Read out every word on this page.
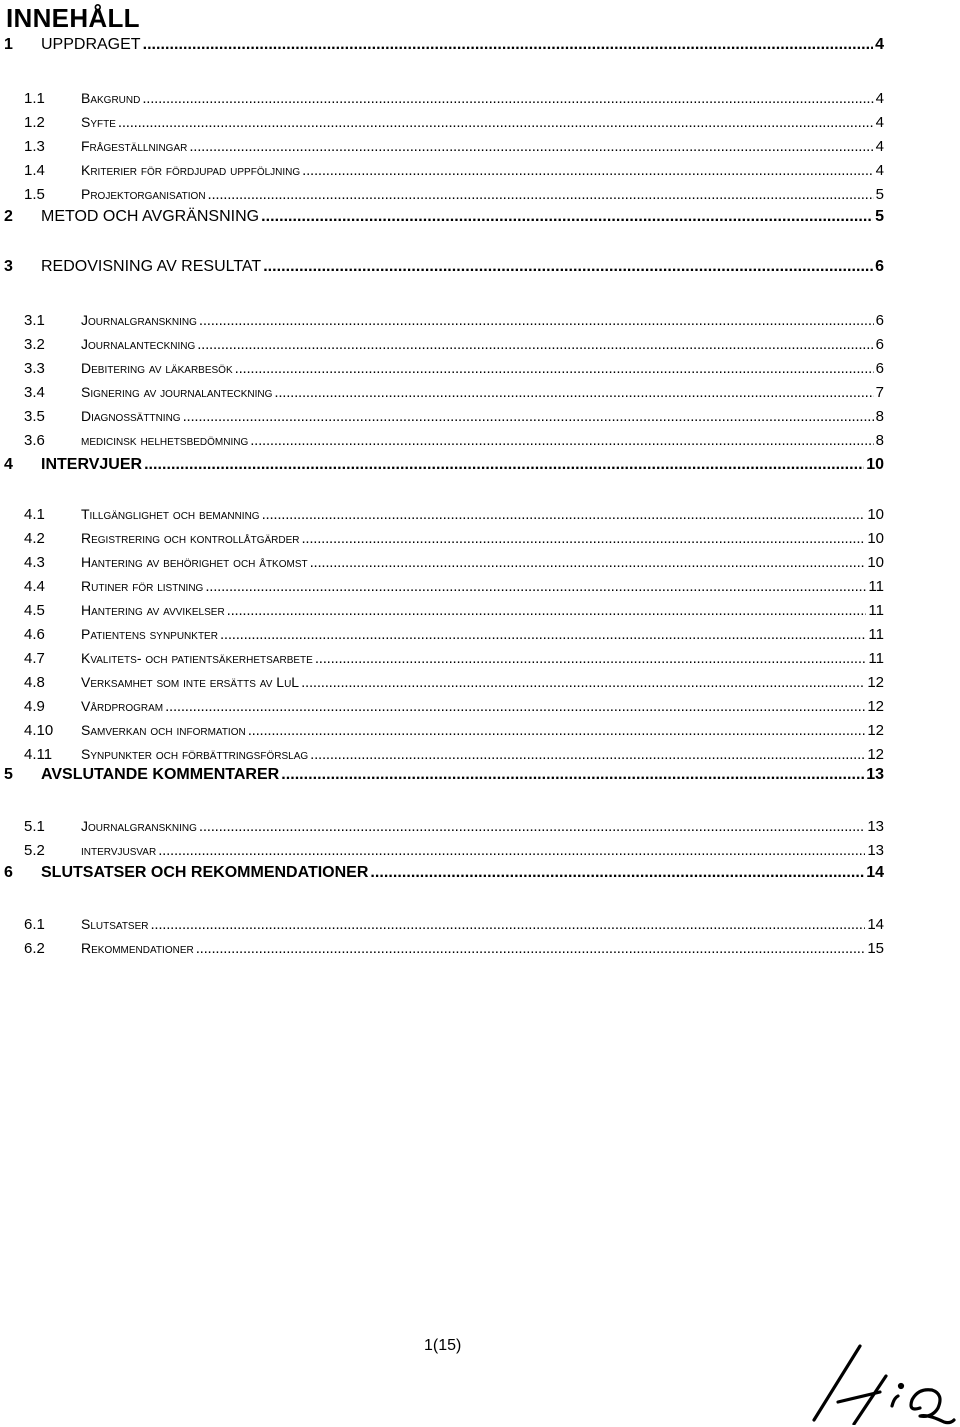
INNEHÅLL
1	UPPDRAGET . . .	4
1.1	Bakgrund . . .	4
1.2	Syfte . . .	4
1.3	Frågeställningar . . .	4
1.4	Kriterier för fördjupad uppföljning . . .	4
1.5	Projektorganisation . . .	5
2	METOD OCH AVGRÄNSNING . . .	5
3	REDOVISNING AV RESULTAT . . .	6
3.1	Journalgranskning . . .	6
3.2	Journalanteckning . . .	6
3.3	Debitering av läkarbesök . . .	6
3.4	Signering av journalanteckning . . .	7
3.5	Diagnossättning . . .	8
3.6	medicinsk helhetsbedömning . . .	8
4	INTERVJUER . . .	10
4.1	Tillgänglighet och bemanning . . .	10
4.2	Registrering och kontrollåtgärder . . .	10
4.3	Hantering av behörighet och åtkomst . . .	10
4.4	Rutiner för listning . . .	11
4.5	Hantering av avvikelser . . .	11
4.6	Patientens synpunkter . . .	11
4.7	Kvalitets- och patientsäkerhetsarbete . . .	11
4.8	Verksamhet som inte ersätts av LuL . . .	12
4.9	Vårdprogram . . .	12
4.10	Samverkan och information . . .	12
4.11	Synpunkter och förbättringsförslag . . .	12
5	AVSLUTANDE KOMMENTARER . . .	13
5.1	Journalgranskning . . .	13
5.2	intervjusvar . . .	13
6	SLUTSATSER OCH REKOMMENDATIONER . . .	14
6.1	Slutsatser . . .	14
6.2	Rekommendationer . . .	15
1(15)
